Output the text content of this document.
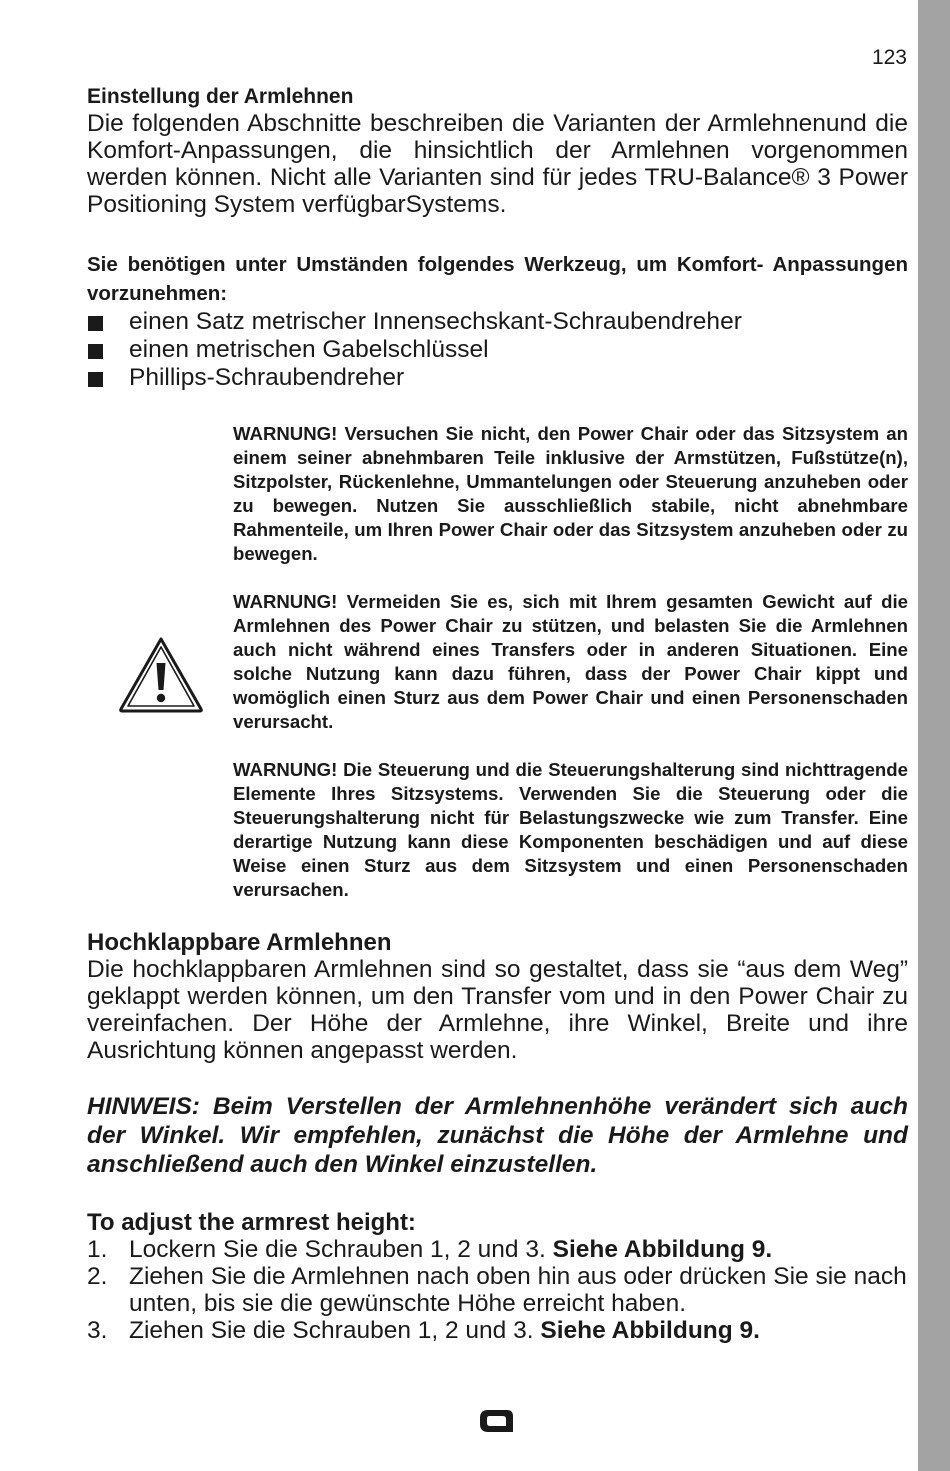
123
Einstellung der Armlehnen

Die folgenden Abschnitte beschreiben die Varianten der Armlehnenund die Komfort-Anpassungen, die hinsichtlich der Armlehnen vorgenommen werden können. Nicht alle Varianten sind für jedes TRU-Balance® 3 Power Positioning System verfügbarSystems.

Sie benötigen unter Umständen folgendes Werkzeug, um Komfort- Anpassungen vorzunehmen:

einen Satz metrischer Innensechskant-Schraubendreher
einen metrischen Gabelschlüssel
Phillips-Schraubendreher

WARNUNG! Versuchen Sie nicht, den Power Chair oder das Sitzsystem an einem seiner abnehmbaren Teile inklusive der Armstützen, Fußstütze(n), Sitzpolster, Rückenlehne, Ummantelungen oder Steuerung anzuheben oder zu bewegen. Nutzen Sie ausschließlich stabile, nicht abnehmbare Rahmenteile, um Ihren Power Chair oder das Sitzsystem anzuheben oder zu bewegen.

WARNUNG! Vermeiden Sie es, sich mit Ihrem gesamten Gewicht auf die Armlehnen des Power Chair zu stützen, und belasten Sie die Armlehnen auch nicht während eines Transfers oder in anderen Situationen. Eine solche Nutzung kann dazu führen, dass der Power Chair kippt und womöglich einen Sturz aus dem Power Chair und einen Personenschaden verursacht.

WARNUNG! Die Steuerung und die Steuerungshalterung sind nichttragende Elemente Ihres Sitzsystems. Verwenden Sie die Steuerung oder die Steuerungshalterung nicht für Belastungszwecke wie zum Transfer. Eine derartige Nutzung kann diese Komponenten beschädigen und auf diese Weise einen Sturz aus dem Sitzsystem und einen Personenschaden verursachen.

Hochklappbare Armlehnen

Die hochklappbaren Armlehnen sind so gestaltet, dass sie “aus dem Weg” geklappt werden können, um den Transfer vom und in den Power Chair zu vereinfachen. Der Höhe der Armlehne, ihre Winkel, Breite und ihre Ausrichtung können angepasst werden.

HINWEIS: Beim Verstellen der Armlehnenhöhe verändert sich auch der Winkel. Wir empfehlen, zunächst die Höhe der Armlehne und anschließend auch den Winkel einzustellen.

To adjust the armrest height:
1. Lockern Sie die Schrauben 1, 2 und 3. Siehe Abbildung 9.
2. Ziehen Sie die Armlehnen nach oben hin aus oder drücken Sie sie nach unten, bis sie die gewünschte Höhe erreicht haben.
3. Ziehen Sie die Schrauben 1, 2 und 3. Siehe Abbildung 9.
